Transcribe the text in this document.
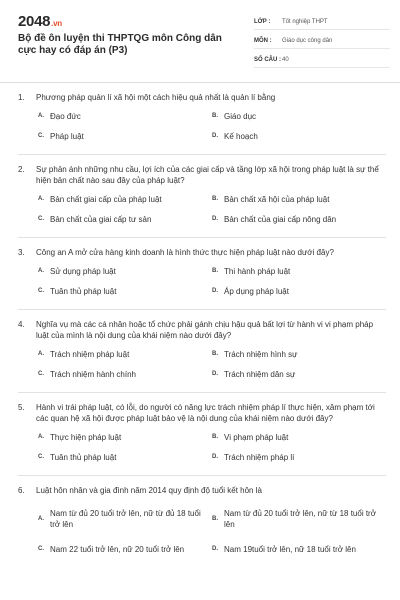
2048.vn
Bộ đề ôn luyện thi THPTQG môn Công dân cực hay có đáp án (P3)
LỚP :	Tốt nghiệp THPT
MÔN :	Giáo dục công dân
SỐ CÂU : 40
1.	Phương pháp quản lí xã hội một cách hiệu quả nhất là quản lí bằng
A. Đạo đức	B. Giáo dục
C. Pháp luật	D. Kế hoạch
2.	Sự phản ánh những nhu cầu, lợi ích của các giai cấp và tầng lớp xã hội trong pháp luật là sự thể hiện bản chất nào sau đây của pháp luật?
A. Bản chất giai cấp của pháp luật	B. Bản chất xã hội của pháp luật
C. Bản chất của giai cấp tư sản	D. Bản chất của giai cấp nông dân
3.	Công an A mở cửa hàng kinh doanh là hình thức thực hiện pháp luật nào dưới đây?
A. Sử dụng pháp luật	B. Thi hành pháp luật
C. Tuân thủ pháp luật	D. Áp dụng pháp luật
4.	Nghĩa vụ mà các cá nhân hoặc tổ chức phải gánh chịu hậu quả bất lợi từ hành vi vi phạm pháp luật của mình là nội dung của khái niệm nào dưới đây?
A. Trách nhiệm pháp luật	B. Trách nhiệm hình sự
C. Trách nhiệm hành chính	D. Trách nhiệm dân sự
5.	Hành vi trái pháp luật, có lỗi, do người có năng lực trách nhiệm pháp lí thực hiện, xâm phạm tới các quan hệ xã hội được pháp luật bảo vệ là nội dung của khái niệm nào dưới đây?
A. Thực hiện pháp luật	B. Vi phạm pháp luật
C. Tuân thủ pháp luật	D. Trách nhiệm pháp lí
6.	Luật hôn nhân và gia đình năm 2014 quy định độ tuổi kết hôn là
A.
Nam từ đủ 20 tuổi trở lên, nữ từ đủ 18 tuổi trở lên
B.
Nam từ đủ 20 tuổi trở lên, nữ từ 18 tuổi trở lên
C. Nam 22 tuổi trở lên, nữ 20 tuổi trở lên	D. Nam 19tuổi trở lên, nữ 18 tuổi trở lên
